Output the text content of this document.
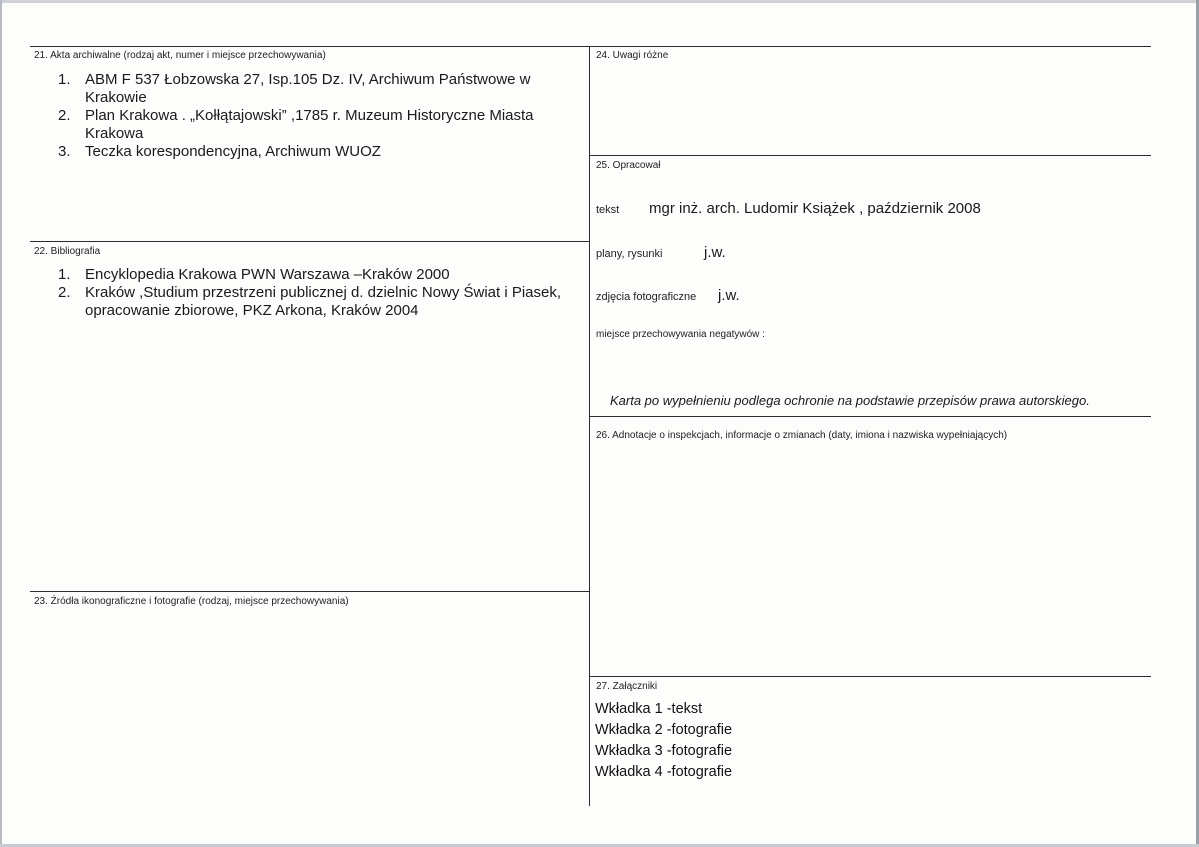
21. Akta archiwalne (rodzaj akt, numer i miejsce przechowywania)
1. ABM F 537 Łobzowska 27, Isp.105 Dz. IV, Archiwum Państwowe w Krakowie
2. Plan Krakowa . „Kołłątajowski” ,1785 r. Muzeum Historyczne Miasta Krakowa
3. Teczka korespondencyjna, Archiwum WUOZ
22. Bibliografia
1. Encyklopedia Krakowa PWN Warszawa –Kraków 2000
2. Kraków ,Studium przestrzeni publicznej d. dzielnic Nowy Świat i Piasek, opracowanie zbiorowe, PKZ Arkona, Kraków 2004
23. Źródła ikonograficzne i fotografie (rodzaj, miejsce przechowywania)
24. Uwagi różne
25. Opracował
tekst mgr inż. arch. Ludomir Książek , październik 2008
plany, rysunki	j.w.
zdjęcia fotograficzne j.w.
miejsce przechowywania negatywów :
Karta po wypełnieniu podlega ochronie na podstawie przepisów prawa autorskiego.
26. Adnotacje o inspekcjach, informacje o zmianach (daty, imiona i nazwiska wypełniających)
27. Załączniki
Wkładka 1 -tekst
Wkładka 2 -fotografie
Wkładka 3 -fotografie
Wkładka 4 -fotografie
